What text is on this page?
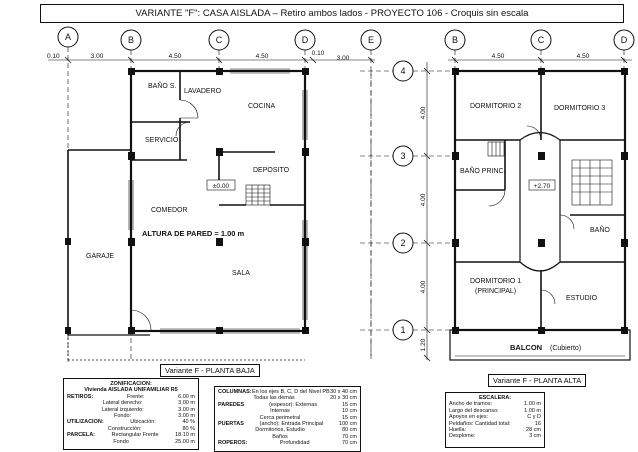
VARIANTE "F": CASA AISLADA – Retiro ambos lados - PROYECTO 106 - Croquis sin escala
A	B	C	D	E
0.10	3.00	4.50	4.50	0.10
3.00
BAÑO S.
LAVADERO
COCINA
SERVICIO
DEPOSITO
±0.00
COMEDOR
ALTURA DE PARED = 1.00 m
GARAJE
SALA
4
3
2
1
4.00
4.00
4.00
1.20
B	C	D
4.50	4.50
DORMITORIO 2	DORMITORIO 3
BAÑO PRINC.
+2.70
BAÑO
DORMITORIO 1
(PRINCIPAL)
ESTUDIO
BALCON (Cubierto)
Variante F - PLANTA BAJA
Variante F - PLANTA ALTA
ZONIFICACION:
Vivienda AISLADA UNIFAMILIAR R5
RETIROS:	Frente:	6.00 m
Lateral derecho:	3.00 m
Lateral izquierdo:	3.00 m
Fondo:	3.00 m
UTILIZACION:	Ubicación:	40 %
Construcción:	80 %
PARCELA:	Rectangular Frente	18.10 m
Fondo	25.00 m
COLUMNAS: En los ejes B, C, D del Nivel PB 30 x 40 cm
Todas las demás	20 x 30 cm
PAREDES	(espesor): Externas	15 cm
Internas	10 cm
Cerca perimetral	15 cm
PUERTAS	(ancho): Entrada Principal	100 cm
Dormitorios, Estudio	80 cm
Baños	70 cm
ROPEROS:	Profundidad	70 cm
ESCALERA:
Ancho de tramos:	1.00 m
Largo del descanso:	1.00 m
Apoyos en ejes:	C y D
Peldaños: Cantidad total:	16
Huella:	28 cm
Desplome:	3 cm
